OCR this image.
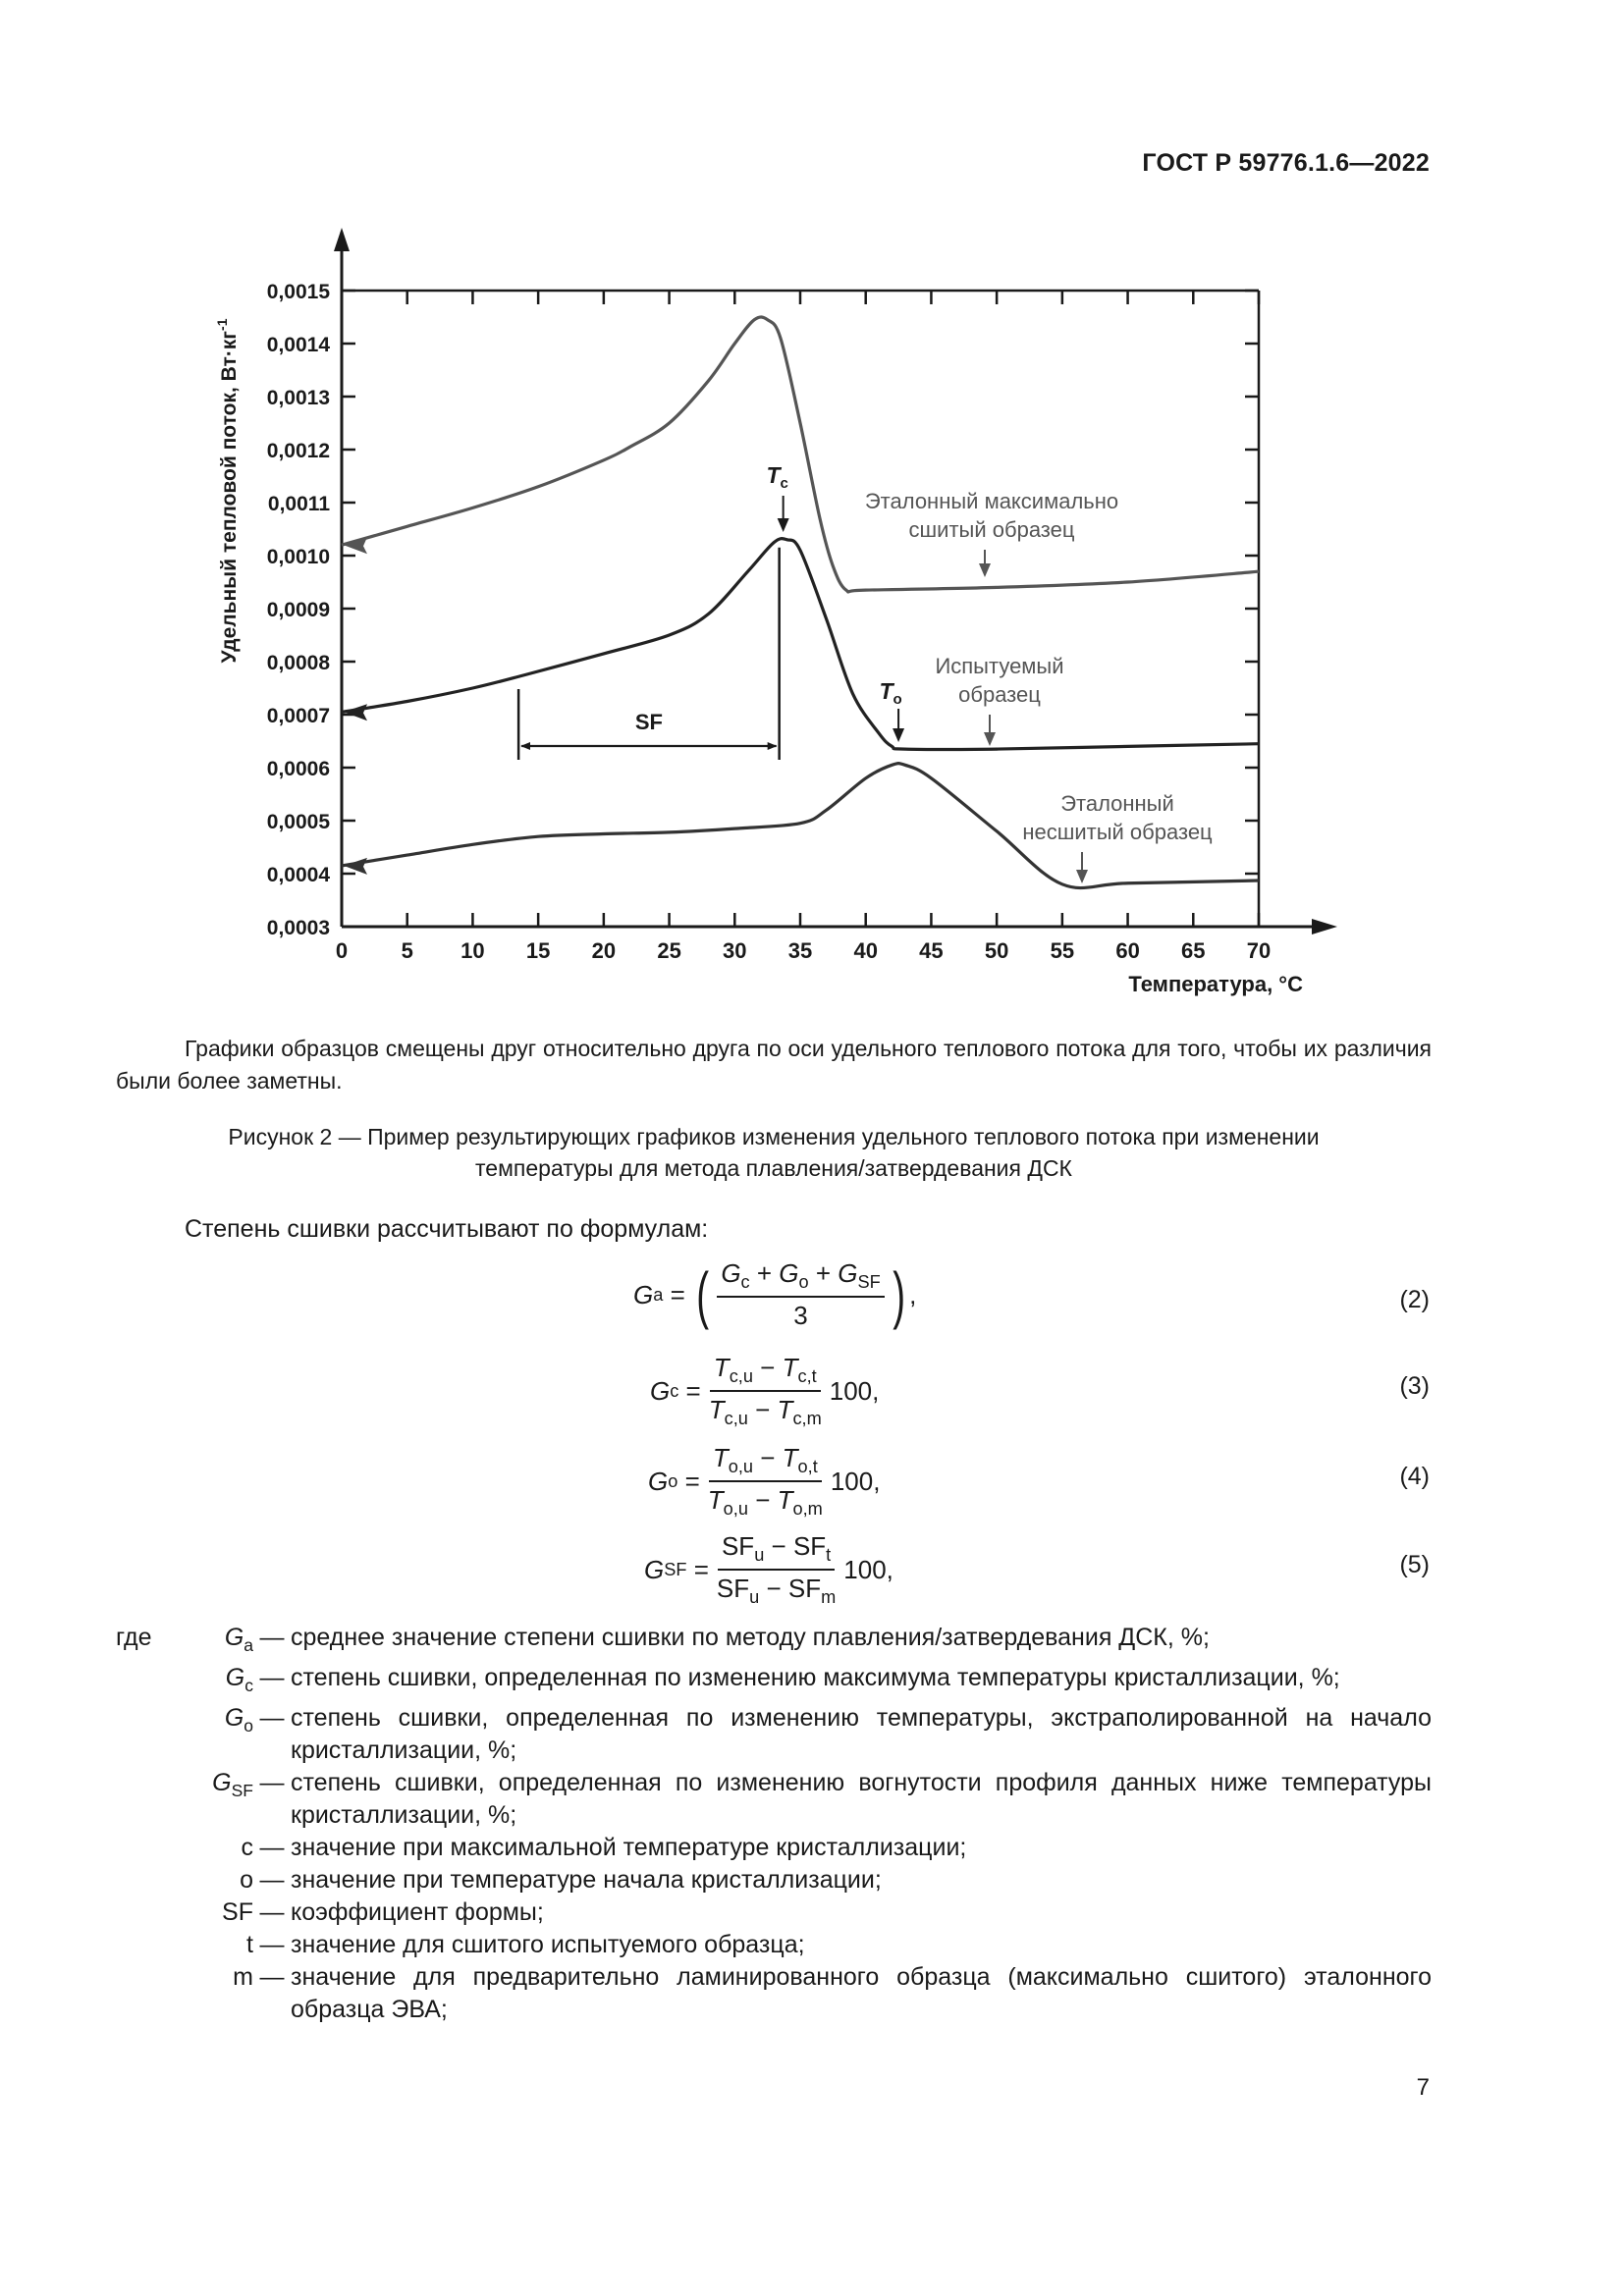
ГОСТ Р 59776.1.6—2022
0,0015
0,0014
0,0013
0,0012
0,0011
0,0010
0,0009
0,0008
0,0007
0,0006
0,0005
0,0004
0,0003
0 5 10 15 20 25 30 35 40 45 50 55 60 65 70
Температура, °С
Удельный тепловой поток, $Вт\cdot кг^{-1}$
Эталонный максимально
сшитый образец
Испытуемый
образец
Эталонный
несшитый образец
$T_c$
$T_o$
SF
Графики образцов смещены друг относительно друга по оси удельного теплового потока для того, чтобы их различия были более заметны.
Рисунок 2 — Пример результирующих графиков изменения удельного теплового потока при изменении
температуры для метода плавления/затвердевания ДСК
Степень сшивки рассчитывают по формулам:
G a = ( $\frac{G_c + G_o + G_{SF}}{3}$ ) ,	(2)
G $c = \frac{T_{c,u} - T_{c,t}}{T_{c,u} - T_{c,m}} 100$,	(3)
G $o = \frac{T_{o,u} - T_{o,t}}{T_{o,u} - T_{o,m}} 100$,	(4)
G SF = $\frac{SF_u - SF_t}{SF_u - SF_m} 100$,	(5)
где	$G_a$ — среднее значение степени сшивки по методу плавления/затвердевания ДСК, %;
$G_c$ — степень сшивки, определенная по изменению максимума температуры кристаллизации, %;
$G_o$ — степень сшивки, определенная по изменению температуры, экстраполированной на начало кристаллизации, %;
$G_{SF}$ — степень сшивки, определенная по изменению вогнутости профиля данных ниже температуры кристаллизации, %;
c — значение при максимальной температуре кристаллизации;
o — значение при температуре начала кристаллизации;
SF — коэффициент формы;
t — значение для сшитого испытуемого образца;
m — значение для предварительно ламинированного образца (максимально сшитого) эталонного образца ЭВА;
7
